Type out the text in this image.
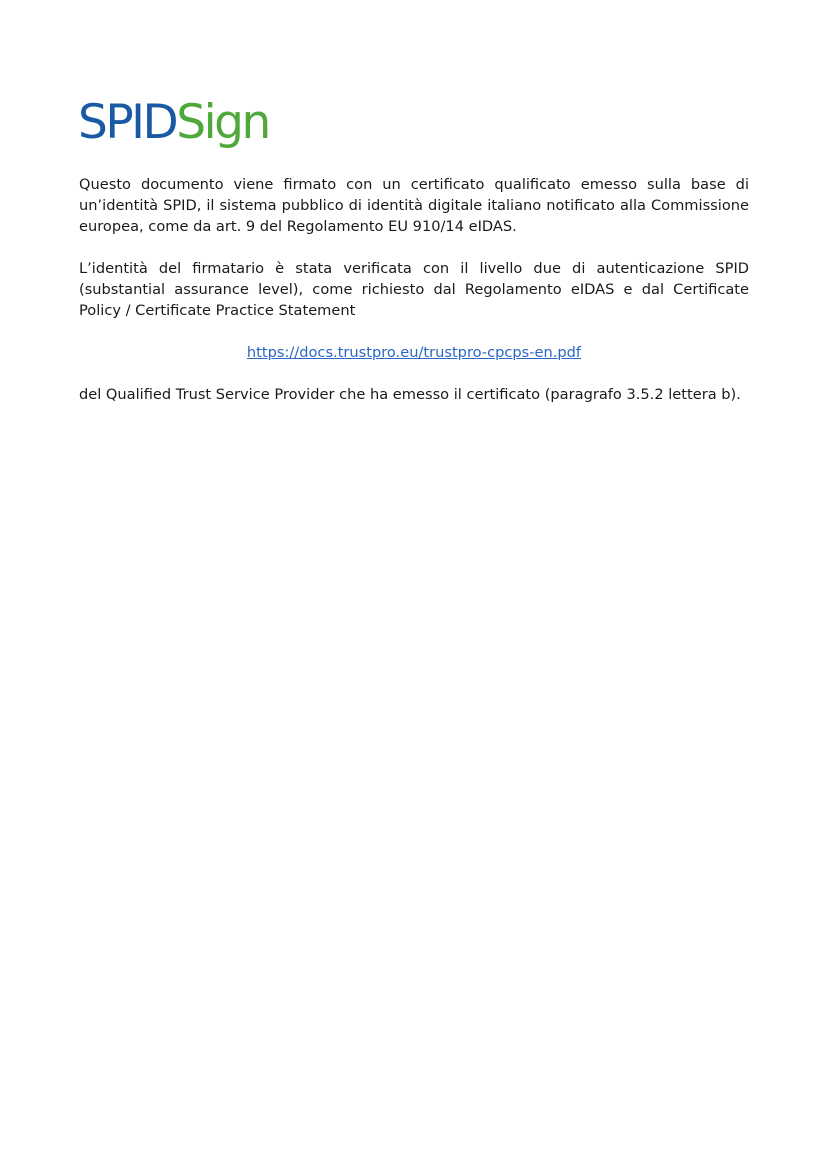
SPIDSign

Questo documento viene firmato con un certificato qualificato emesso sulla base di un’identità SPID, il sistema pubblico di identità digitale italiano notificato alla Commissione europea, come da art. 9 del Regolamento EU 910/14 eIDAS.

L’identità del firmatario è stata verificata con il livello due di autenticazione SPID (substantial assurance level), come richiesto dal Regolamento eIDAS e dal Certificate Policy / Certificate Practice Statement

https://docs.trustpro.eu/trustpro-cpcps-en.pdf

del Qualified Trust Service Provider che ha emesso il certificato (paragrafo 3.5.2 lettera b).
